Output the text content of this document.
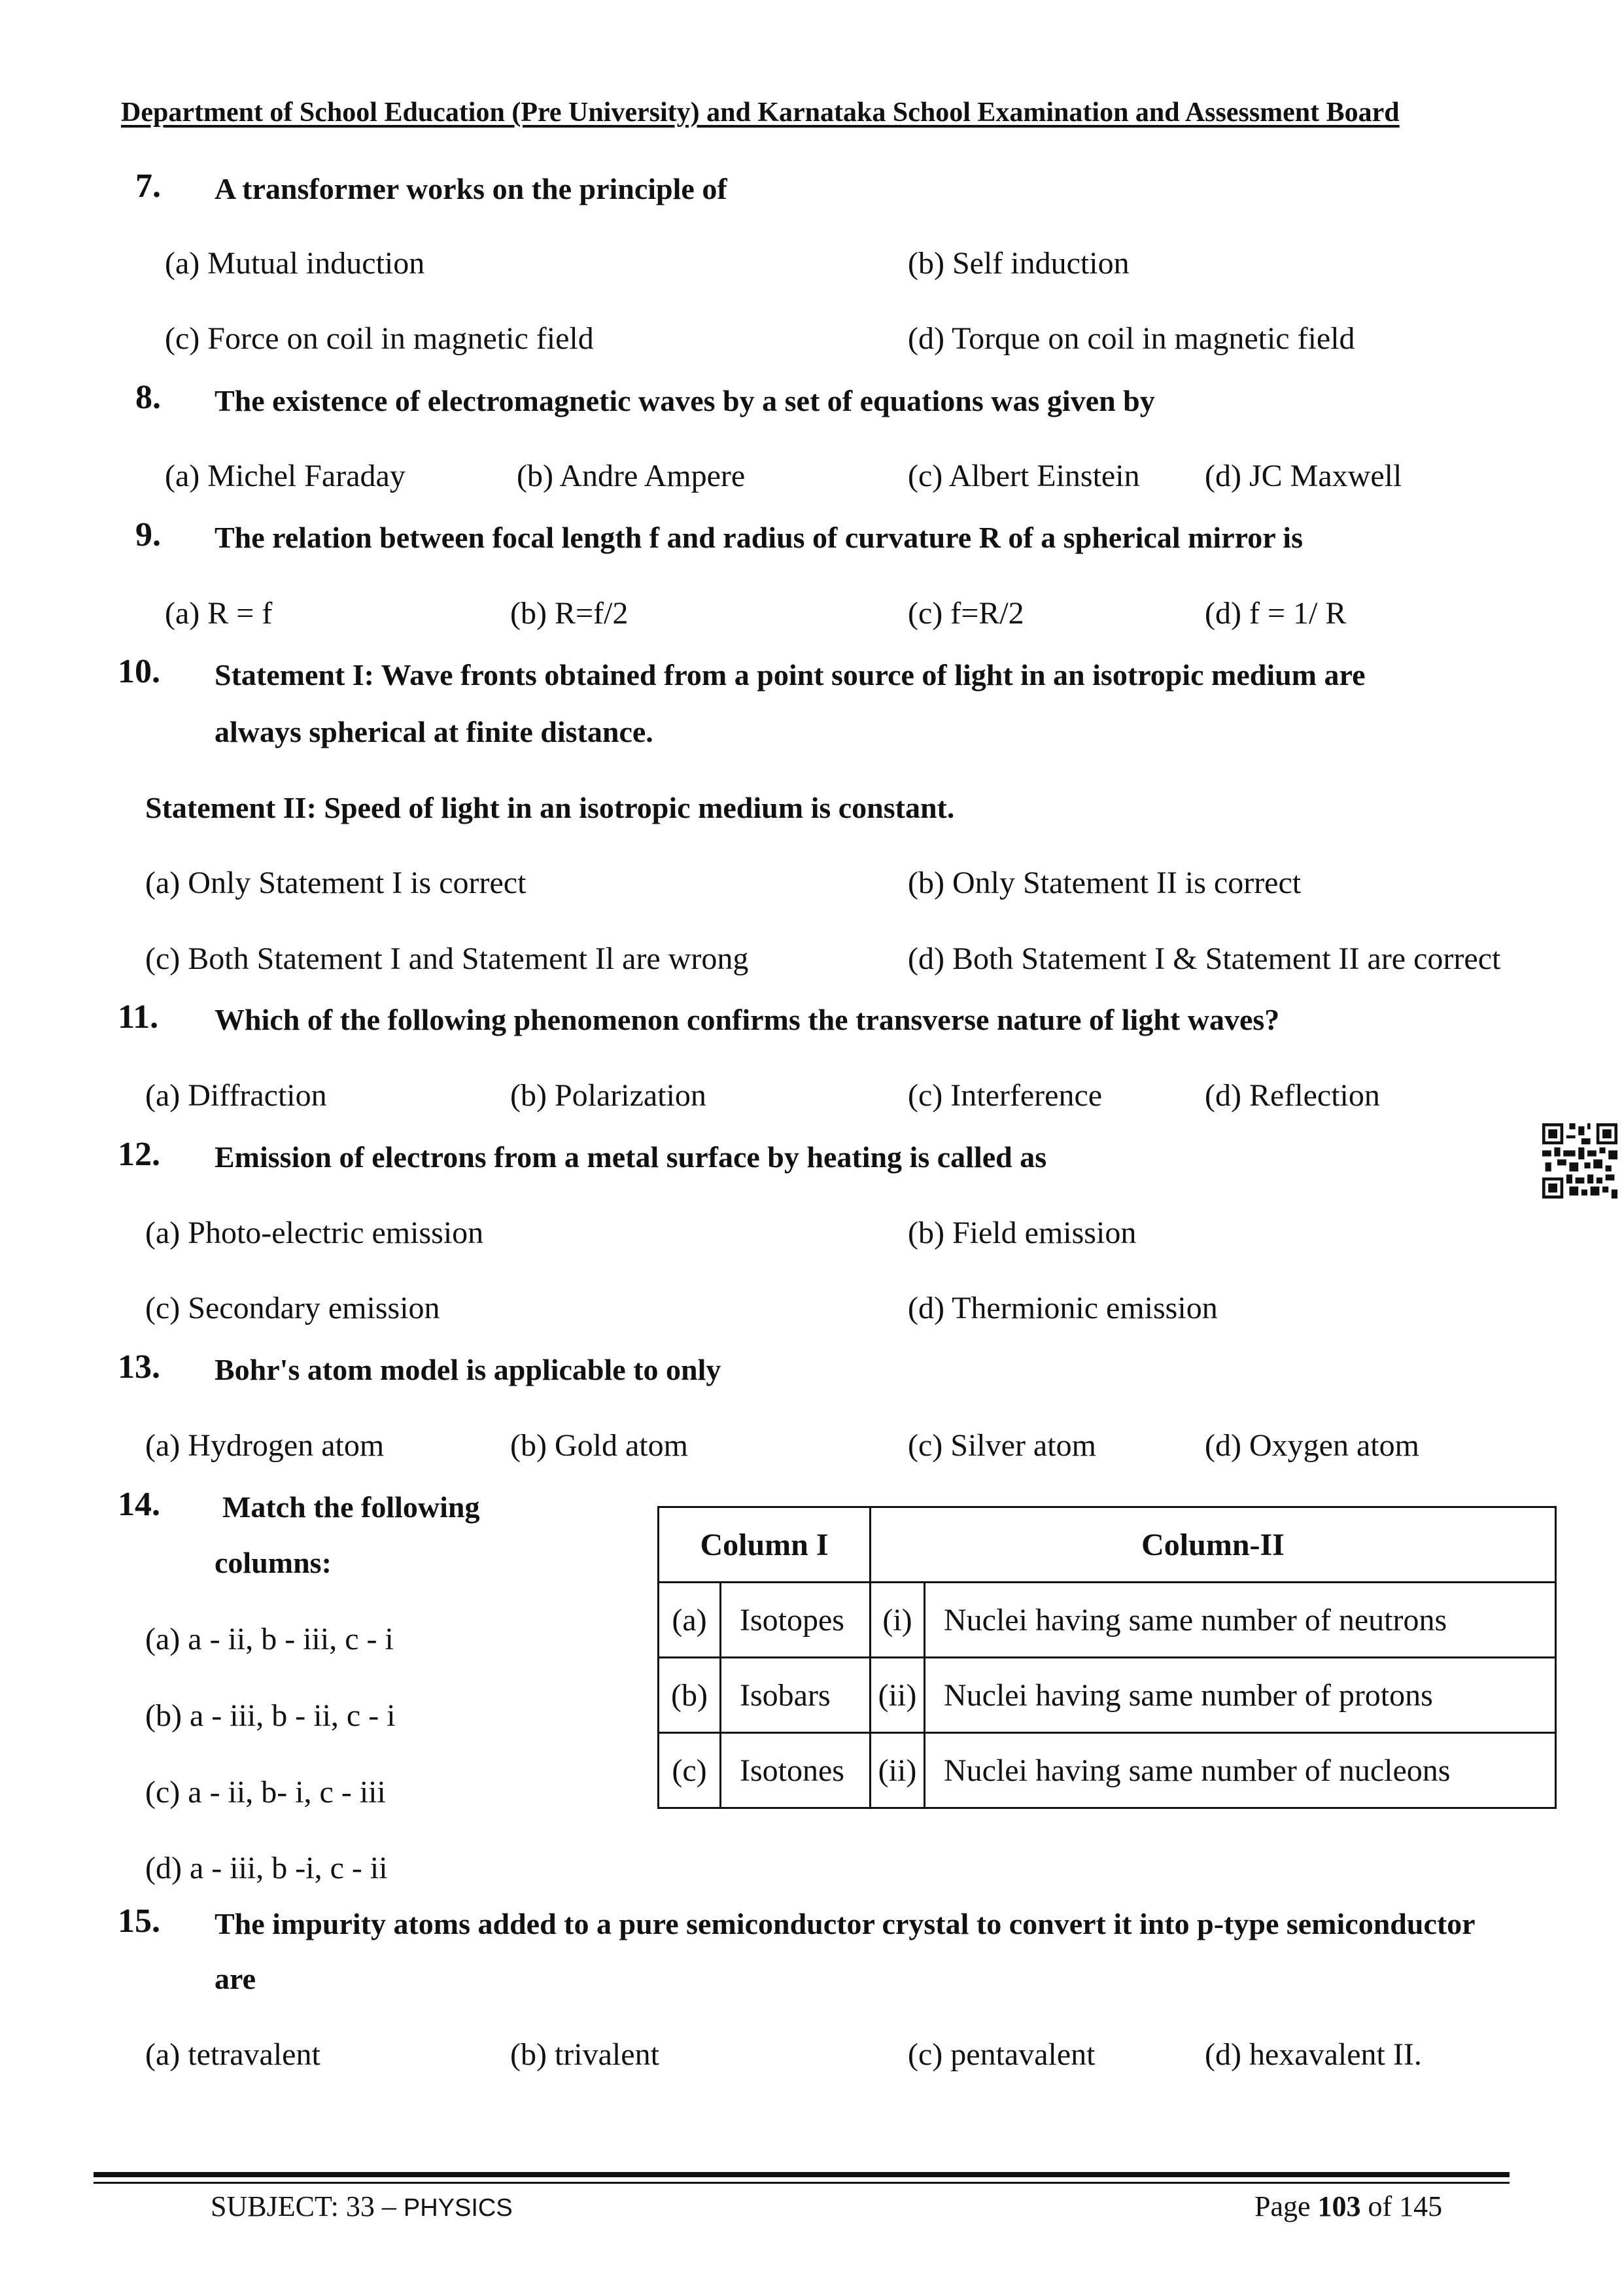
Department of School Education (Pre University) and Karnataka School Examination and Assessment Board
7. A transformer works on the principle of
(a) Mutual induction	(b) Self induction
(c) Force on coil in magnetic field	(d) Torque on coil in magnetic field
8. The existence of electromagnetic waves by a set of equations was given by
(a) Michel Faraday	(b) Andre Ampere	(c) Albert Einstein (d) JC Maxwell
9. The relation between focal length f and radius of curvature R of a spherical mirror is
(a) R = f	(b) R=f/2	(c) f=R/2	(d) f = 1/ R
10. Statement I: Wave fronts obtained from a point source of light in an isotropic medium are
always spherical at finite distance.
Statement II: Speed of light in an isotropic medium is constant.
(a) Only Statement I is correct	(b) Only Statement II is correct
(c) Both Statement I and Statement Il are wrong	(d) Both Statement I & Statement II are correct
11. Which of the following phenomenon confirms the transverse nature of light waves?
(a) Diffraction	(b) Polarization	(c) Interference	(d) Reflection
12. Emission of electrons from a metal surface by heating is called as
(a) Photo-electric emission	(b) Field emission
(c) Secondary emission	(d) Thermionic emission
13. Bohr's atom model is applicable to only
(a) Hydrogen atom	(b) Gold atom	(c) Silver atom	(d) Oxygen atom
14. Match the following
columns:
(a) a - ii, b - iii, c - i
(b) a - iii, b - ii, c - i
(c) a - ii, b- i, c - iii
(d) a - iii, b -i, c - ii
Column I		Column-II	
(a)	Isotopes	(i)	Nuclei having same number of neutrons
(b)	Isobars	(ii)	Nuclei having same number of protons
(c)	Isotones	(ii)	Nuclei having same number of nucleons
15. The impurity atoms added to a pure semiconductor crystal to convert it into p-type semiconductor
are
(a) tetravalent	(b) trivalent	(c) pentavalent	(d) hexavalent II.
SUBJECT: 33 – PHYSICS	Page 103 of 145
